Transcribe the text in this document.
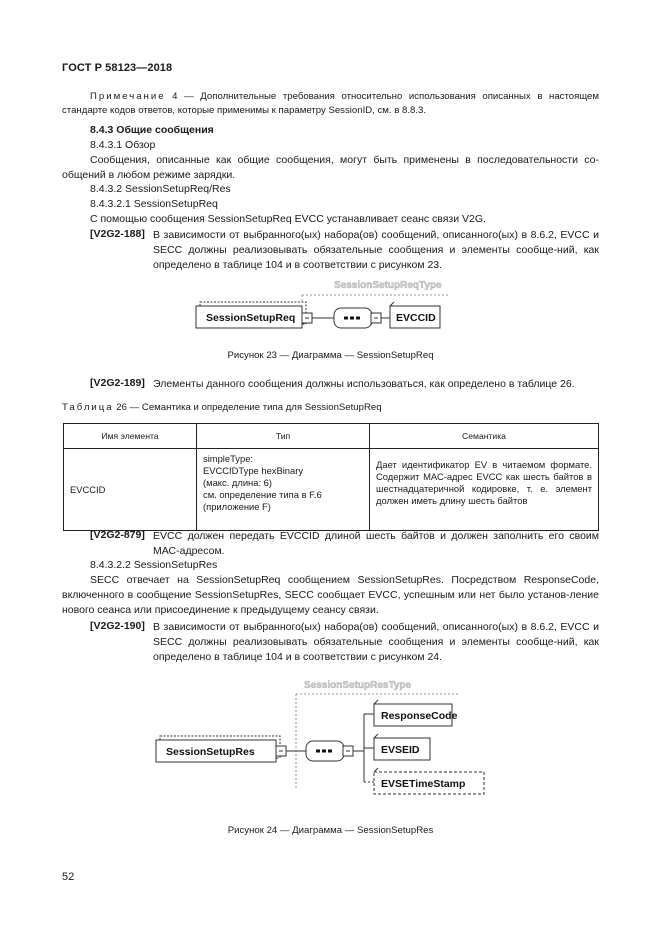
ГОСТ Р 58123—2018
Примечание 4 — Дополнительные требования относительно использования описанных в настоящем стандарте кодов ответов, которые применимы к параметру SessionID, см. в 8.8.3.
8.4.3 Общие сообщения
8.4.3.1 Обзор
Сообщения, описанные как общие сообщения, могут быть применены в последовательности со-общений в любом режиме зарядки.
8.4.3.2 SessionSetupReq/Res
8.4.3.2.1 SessionSetupReq
С помощью сообщения SessionSetupReq EVCC устанавливает сеанс связи V2G.
[V2G2-188] В зависимости от выбранного(ых) набора(ов) сообщений, описанного(ых) в 8.6.2, EVCC и SECC должны реализовывать обязательные сообщения и элементы сообще-ний, как определено в таблице 104 и в соответствии с рисунком 23.
SessionSetupReqType
SessionSetupReq	EVCCID
Рисунок 23 — Диаграмма — SessionSetupReq
[V2G2-189] Элементы данного сообщения должны использоваться, как определено в таблице 26.
Таблица 26 — Семантика и определение типа для SessionSetupReq
Имя элемента	Тип	Семантика
EVCCID	simpleType:
EVCCIDType hexBinary
(макс. длина: 6)
см. определение типа в F.6
(приложение F)	Дает идентификатор EV в читаемом формате. Содержит МАС-адрес EVCC как шесть байтов в шестнадцатеричной кодировке, т. е. элемент должен иметь длину шесть байтов
[V2G2-879] EVCC должен передать EVCCID длиной шесть байтов и должен заполнить его своим МАС-адресом.
8.4.3.2.2 SessionSetupRes
SECC отвечает на SessionSetupReq сообщением SessionSetupRes. Посредством ResponseCode, включенного в сообщение SessionSetupRes, SECC сообщает EVCC, успешным или нет было установ-ление нового сеанса или присоединение к предыдущему сеансу связи.
[V2G2-190] В зависимости от выбранного(ых) набора(ов) сообщений, описанного(ых) в 8.6.2, EVCC и SECC должны реализовывать обязательные сообщения и элементы сообще-ний, как определено в таблице 104 и в соответствии с рисунком 24.
SessionSetupResType
SessionSetupRes
ResponseCode
EVSEID
EVSETimeStamp
Рисунок 24 — Диаграмма — SessionSetupRes
52
